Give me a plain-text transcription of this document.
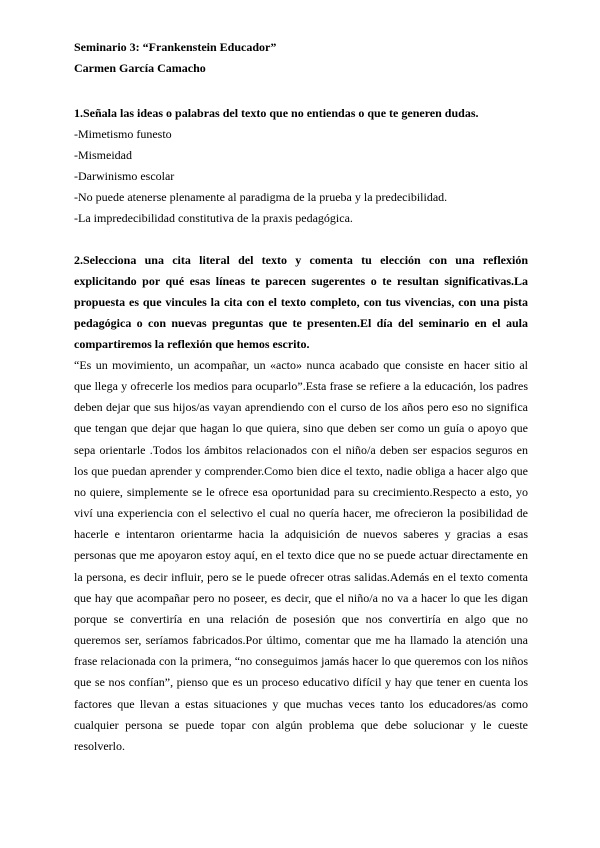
Seminario 3: “Frankenstein Educador”
Carmen García Camacho
1.Señala las ideas o palabras del texto que no entiendas o que te generen dudas.
-Mimetismo funesto
-Mismeidad
-Darwinismo escolar
-No puede atenerse plenamente al paradigma de la prueba y la predecibilidad.
-La impredecibilidad constitutiva de la praxis pedagógica.
2.Selecciona una cita literal del texto y comenta tu elección con una reflexión explicitando por qué esas líneas te parecen sugerentes o te resultan significativas.La propuesta es que vincules la cita con el texto completo, con tus vivencias, con una pista pedagógica o con nuevas preguntas que te presenten.El día del seminario en el aula compartiremos la reflexión que hemos escrito.

“Es un movimiento, un acompañar, un «acto» nunca acabado que consiste en hacer sitio al que llega y ofrecerle los medios para ocuparlo”.Esta frase se refiere a la educación, los padres deben dejar que sus hijos/as vayan aprendiendo con el curso de los años pero eso no significa que tengan que dejar que hagan lo que quiera, sino que deben ser como un guía o apoyo que sepa orientarle .Todos los ámbitos relacionados con el niño/a deben ser espacios seguros en los que puedan aprender y comprender.Como bien dice el texto, nadie obliga a hacer algo que no quiere, simplemente se le ofrece esa oportunidad para su crecimiento.Respecto a esto, yo viví una experiencia con el selectivo el cual no quería hacer, me ofrecieron la posibilidad de hacerle e intentaron orientarme hacia la adquisición de nuevos saberes y gracias a esas personas que me apoyaron estoy aquí, en el texto dice que no se puede actuar directamente en la persona, es decir influir, pero se le puede ofrecer otras salidas.Además en el texto comenta que hay que acompañar pero no poseer, es decir, que el niño/a no va a hacer lo que les digan porque se convertiría en una relación de posesión que nos convertiría en algo que no queremos ser, seríamos fabricados.Por último, comentar que me ha llamado la atención una frase relacionada con la primera, “no conseguimos jamás hacer lo que queremos con los niños que se nos confían”, pienso que es un proceso educativo difícil y hay que tener en cuenta los factores que llevan a estas situaciones y que muchas veces tanto los educadores/as como cualquier persona se puede topar con algún problema que debe solucionar y le cueste resolverlo.
